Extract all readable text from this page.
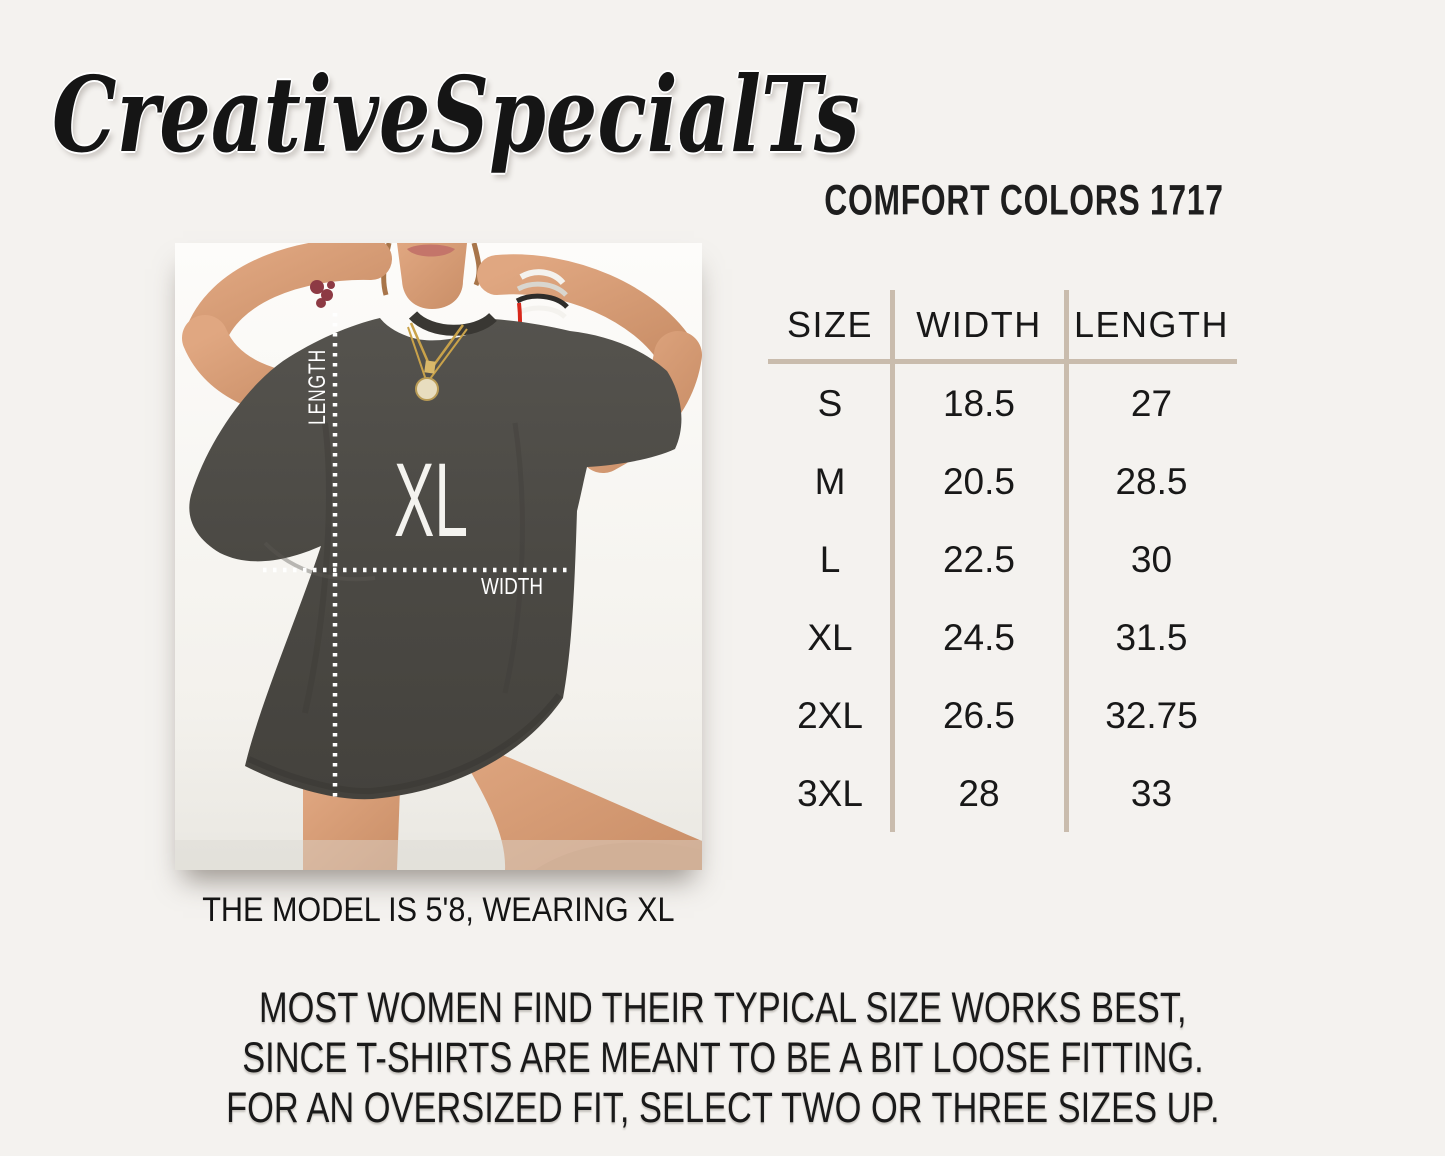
CreativeSpecialTs
COMFORT COLORS 1717
SIZE	WIDTH LENGTH
S	18.5	27
M	20.5	28.5
L	22.5	30
XL	24.5	31.5
2XL	26.5	32.75
3XL	28	33
LENGTH
WIDTH
XL
THE MODEL IS 5'8, WEARING XL
MOST WOMEN FIND THEIR TYPICAL SIZE WORKS BEST,
SINCE T-SHIRTS ARE MEANT TO BE A BIT LOOSE FITTING.
FOR AN OVERSIZED FIT, SELECT TWO OR THREE SIZES UP.
